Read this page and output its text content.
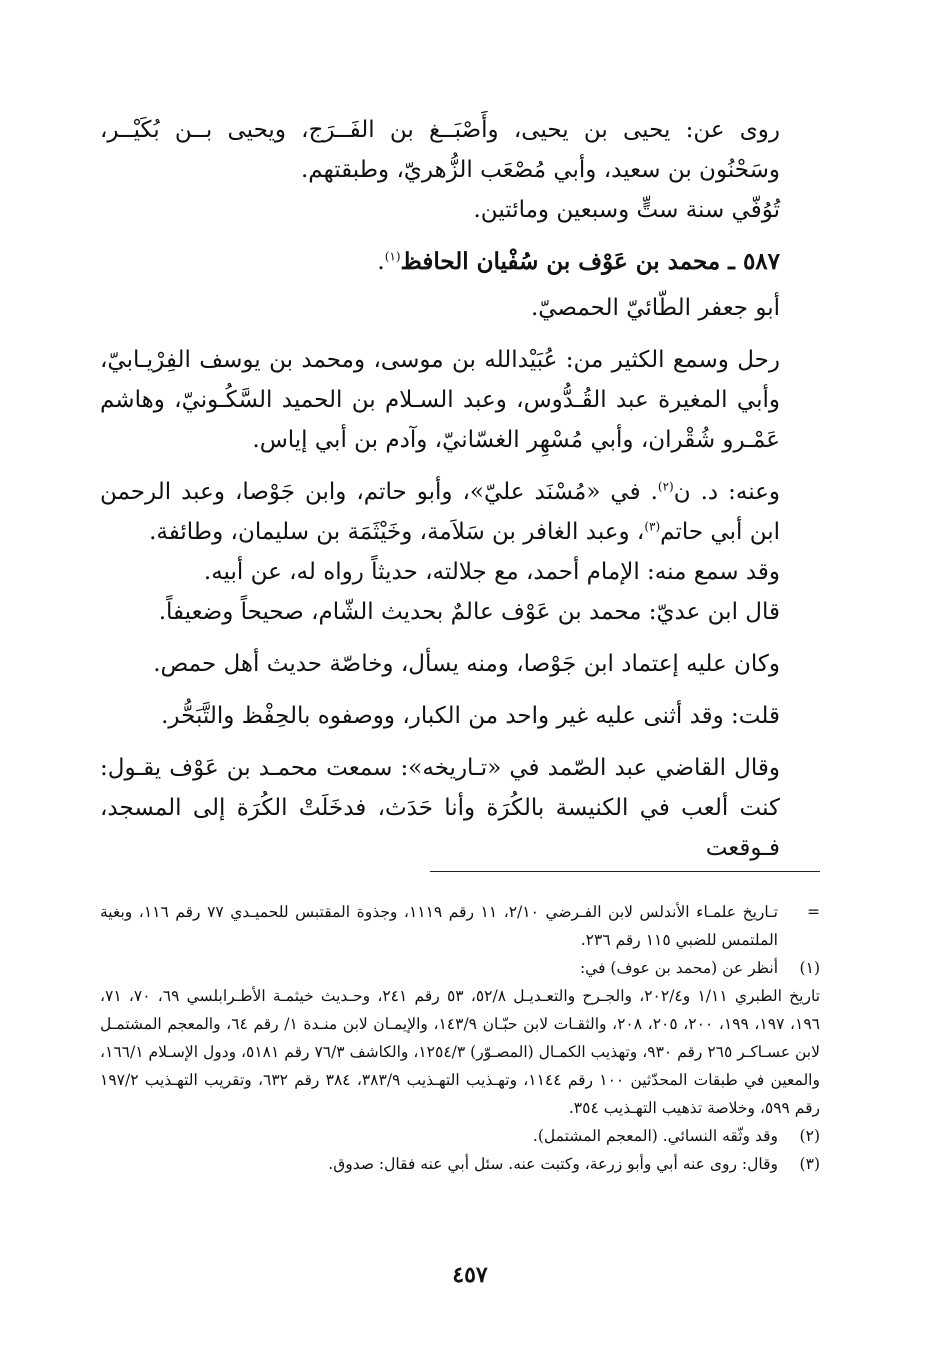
روى عن: يحيى بن يحيى، وأَصْبَــغ بن الفَــرَج، ويحيى بــن بُكَيْــر، وسَحْنُون بن سعيد، وأبي مُصْعَب الزُّهريّ، وطبقتهم.

تُوُفّي سنة ستٍّ وسبعين ومائتين.

٥٨٧ ـ محمد بن عَوْف بن سُفْيان الحافظ$^{(١)}$.

أبو جعفر الطّائيّ الحمصيّ.

رحل وسمع الكثير من: عُبَيْدالله بن موسى، ومحمد بن يوسف الفِرْيـابيّ، وأبي المغيرة عبد القُـدُّوس، وعبد السـلام بن الحميد السَّكُـونيّ، وهاشم عَمْـرو شُقْران، وأبي مُسْهِر الغسّانيّ، وآدم بن أبي إياس.

وعنه: د. ن$^{(٢)}$. في «مُسْنَد عليّ»، وأبو حاتم، وابن جَوْصا، وعبد الرحمن ابن أبي حاتم$^{(٣)}$، وعبد الغافر بن سَلاَمة، وخَيْثَمَة بن سليمان، وطائفة.

وقد سمع منه: الإمام أحمد، مع جلالته، حديثاً رواه له، عن أبيه.

قال ابن عديّ: محمد بن عَوْف عالمٌ بحديث الشّام، صحيحاً وضعيفاً.

وكان عليه إعتماد ابن جَوْصا، ومنه يسأل، وخاصّة حديث أهل حمص.

قلت: وقد أثنى عليه غير واحد من الكبار، ووصفوه بالحِفْظ والتَّبَحُّر.

وقال القاضي عبد الصّمد في «تـاريخه»: سمعت محمـد بن عَوْف يقـول: كنت ألعب في الكنيسة بالكُرَة وأنا حَدَث، فدخَلَتْ الكُرَة إلى المسجد، فـوقعت

=
تـاريخ علمـاء الأندلس لابن الفـرضي ٢/١٠، ١١ رقم ١١١٩، وجذوة المقتبس للحميـدي ٧٧ رقم ١١٦، وبغية الملتمس للضبي ١١٥ رقم ٢٣٦.
(١)
أنظر عن (محمد بن عوف) في:
تاريخ الطبري ١/١١ و٢٠٢/٤، والجـرح والتعـديـل ٥٢/٨، ٥٣ رقم ٢٤١، وحـديث خيثمـة الأطـرابلسي ٦٩، ٧٠، ٧١، ١٩٦، ١٩٧، ١٩٩، ٢٠٠، ٢٠٥، ٢٠٨، والثقـات لابن حبّـان ١٤٣/٩، والإيمـان لابن منـدة ١/ رقم ٦٤، والمعجم المشتمـل لابن عسـاكـر ٢٦٥ رقم ٩٣٠، وتهذيب الكمـال (المصـوّر) ١٢٥٤/٣، والكاشف ٧٦/٣ رقم ٥١٨١، ودول الإسـلام ١٦٦/١، والمعين في طبقات المحدّثين ١٠٠ رقم ١١٤٤، وتهـذيب التهـذيب ٣٨٣/٩، ٣٨٤ رقم ٦٣٢، وتقريب التهـذيب ١٩٧/٢ رقم ٥٩٩، وخلاصة تذهيب التهـذيب ٣٥٤.
(٢)
وقد وثّقه النسائي. (المعجم المشتمل).
(٣)
وقال: روى عنه أبي وأبو زرعة، وكتبت عنه. سئل أبي عنه فقال: صدوق.
٤٥٧
